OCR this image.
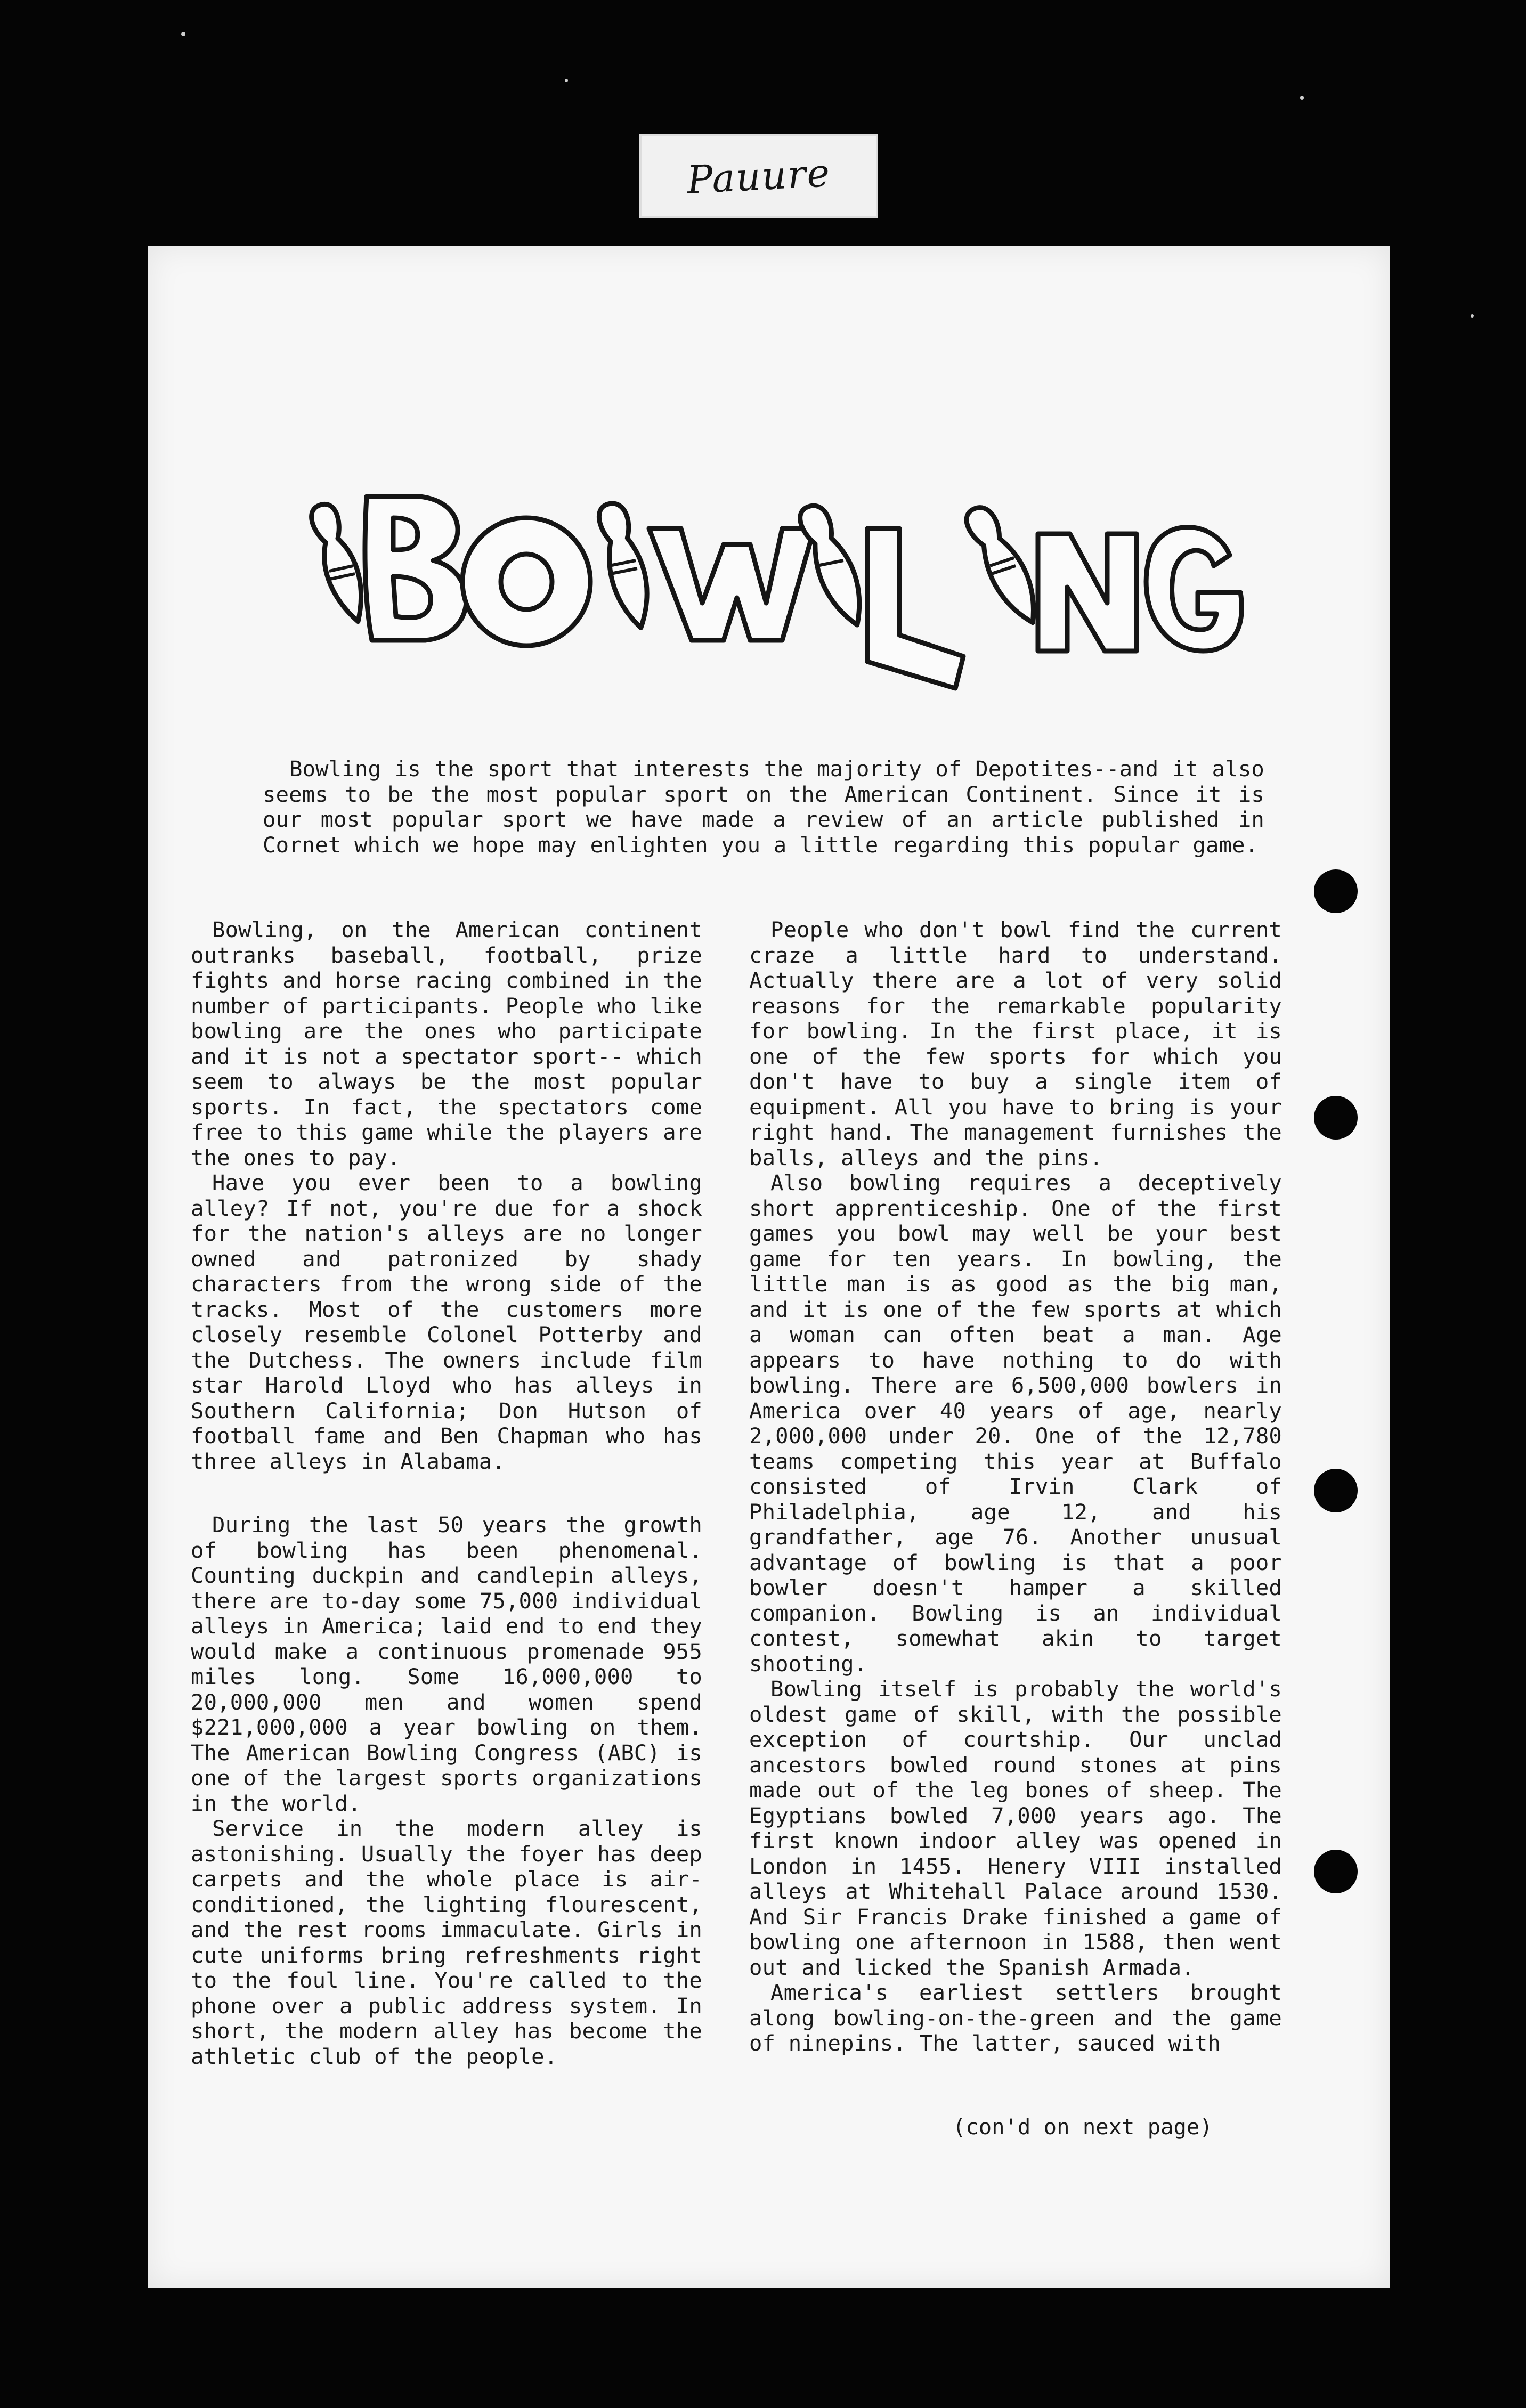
Pauure

Bowling is the sport that interests the majority of Depotites--and it also seems to be the most popular sport on the American Continent. Since it is our most popular sport we have made a review of an article published in Cornet which we hope may enlighten you a little regarding this popular game.

Bowling, on the American continent outranks baseball, football, prize fights and horse racing combined in the number of participants. People who like bowling are the ones who participate and it is not a spectator sport-- which seem to always be the most popular sports. In fact, the spectators come free to this game while the players are the ones to pay.

Have you ever been to a bowling alley? If not, you're due for a shock for the nation's alleys are no longer owned and patronized by shady characters from the wrong side of the tracks. Most of the customers more closely resemble Colonel Potterby and the Dutchess. The owners include film star Harold Lloyd who has alleys in Southern California; Don Hutson of football fame and Ben Chapman who has three alleys in Alabama.

During the last 50 years the growth of bowling has been phenomenal. Counting duckpin and candlepin alleys, there are to-day some 75,000 individual alleys in America; laid end to end they would make a continuous promenade 955 miles long. Some 16,000,000 to 20,000,000 men and women spend $221,000,000 a year bowling on them. The American Bowling Congress (ABC) is one of the largest sports organizations in the world.

Service in the modern alley is astonishing. Usually the foyer has deep carpets and the whole place is air-conditioned, the lighting flourescent, and the rest rooms immaculate. Girls in cute uniforms bring refreshments right to the foul line. You're called to the phone over a public address system. In short, the modern alley has become the athletic club of the people.

People who don't bowl find the current craze a little hard to understand. Actually there are a lot of very solid reasons for the remarkable popularity for bowling. In the first place, it is one of the few sports for which you don't have to buy a single item of equipment. All you have to bring is your right hand. The management furnishes the balls, alleys and the pins.

Also bowling requires a deceptively short apprenticeship. One of the first games you bowl may well be your best game for ten years. In bowling, the little man is as good as the big man, and it is one of the few sports at which a woman can often beat a man. Age appears to have nothing to do with bowling. There are 6,500,000 bowlers in America over 40 years of age, nearly 2,000,000 under 20. One of the 12,780 teams competing this year at Buffalo consisted of Irvin Clark of Philadelphia, age 12, and his grandfather, age 76. Another unusual advantage of bowling is that a poor bowler doesn't hamper a skilled companion. Bowling is an individual contest, somewhat akin to target shooting.

Bowling itself is probably the world's oldest game of skill, with the possible exception of courtship. Our unclad ancestors bowled round stones at pins made out of the leg bones of sheep. The Egyptians bowled 7,000 years ago. The first known indoor alley was opened in London in 1455. Henery VIII installed alleys at Whitehall Palace around 1530. And Sir Francis Drake finished a game of bowling one afternoon in 1588, then went out and licked the Spanish Armada.

America's earliest settlers brought along bowling-on-the-green and the game of ninepins. The latter, sauced with

(con'd on next page)
